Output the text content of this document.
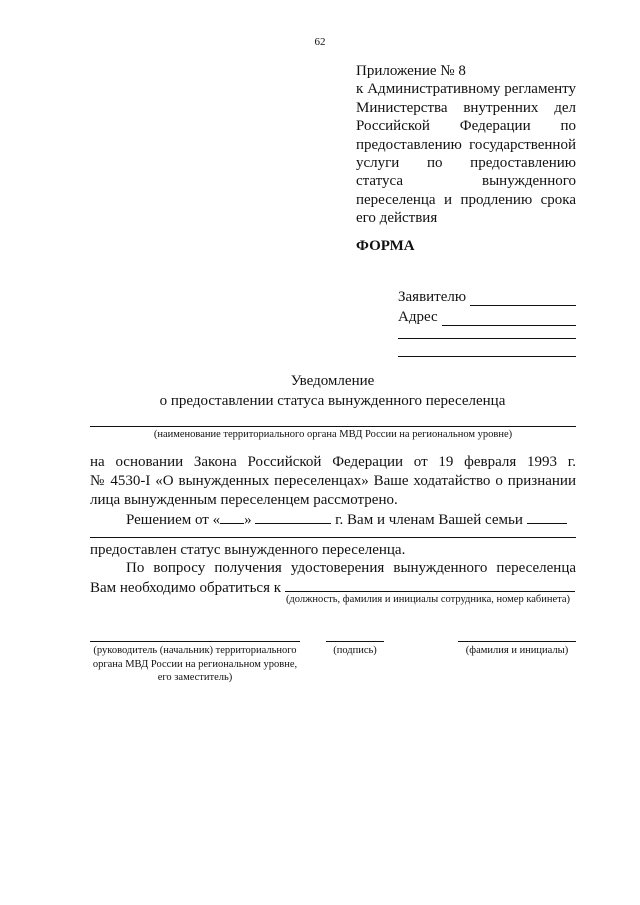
62
Приложение № 8
к Административному регламенту
Министерства внутренних дел
Российской Федерации по
предоставлению государственной
услуги по предоставлению
статуса вынужденного
переселенца и продлению срока
его действия
ФОРМА
Заявителю
Адрес
Уведомление
о предоставлении статуса вынужденного переселенца
(наименование территориального органа МВД России на региональном уровне)
на основании Закона Российской Федерации от 19 февраля 1993 г.
№ 4530-I «О вынужденных переселенцах» Ваше ходатайство о признании
лица вынужденным переселенцем рассмотрено.
Решением от « »	г. Вам и членам Вашей семьи
предоставлен статус вынужденного переселенца.
По вопросу получения удостоверения вынужденного переселенца
Вам необходимо обратиться к
(должность, фамилия и инициалы сотрудника, номер кабинета)
(руководитель (начальник) территориального
органа МВД России на региональном уровне,
его заместитель)
(подпись)	(фамилия и инициалы)
